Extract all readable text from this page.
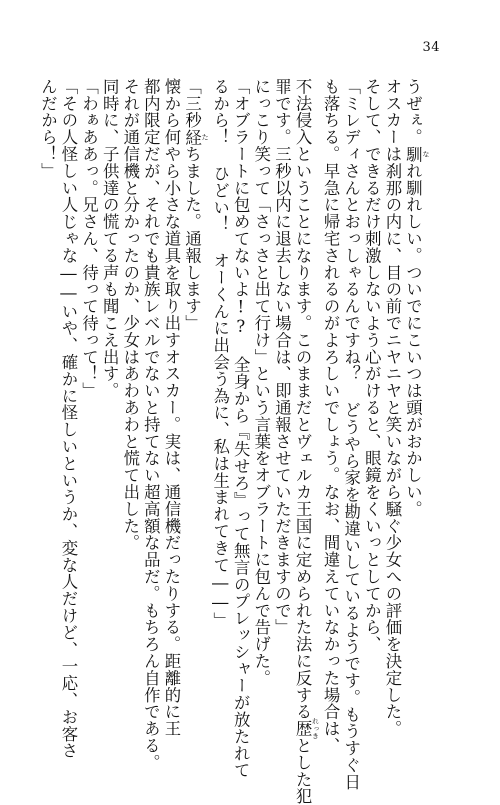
34
うぜぇ。馴 なれ馴れしい。ついでにこいつは頭がおかしい。
オスカーは刹那の内に、目の前でニヤニヤと笑いながら騒ぐ少女への評価を決定した。
そして、できるだけ刺激しないよう心がけると、眼鏡をくいっとしてから、
「ミレディさんとおっしゃるんですね？ どうやら家を勘違いしているようです。もうすぐ日
も落ちる。早急に帰宅されるのがよろしいでしょう。なお、間違えていなかった場合は、
不法侵入ということになります。このままだとヴェルカ王国に定められた法に反する歴 れっきとした犯
罪です。三秒以内に退去しない場合は、即通報させていただきますので」
にっこり笑って「さっさと出て行け」という言葉をオブラートに包んで告げた。
「オブラートに包めてないよ!? 全身から『失せろ』って無言のプレッシャーが放たれて
るから！ ひどい！ オーくんに出会う為に、私は生まれてきて――」
「三秒経 たちました。通報します」
懐から何やら小さな道具を取り出すオスカー。実は、通信機だったりする。距離的に王
都内限定だが、それでも貴族レベルでないと持てない超高額な品だ。もちろん自作である。
それが通信機と分かったのか、少女はあわあわと慌て出した。
同時に、子供達の慌てる声も聞こえ出す。
「わぁああっ。兄さん、待って待って！」
「その人怪しい人じゃな――いや、確かに怪しいというか、変な人だけど、一応、お客さ
んだから！」
